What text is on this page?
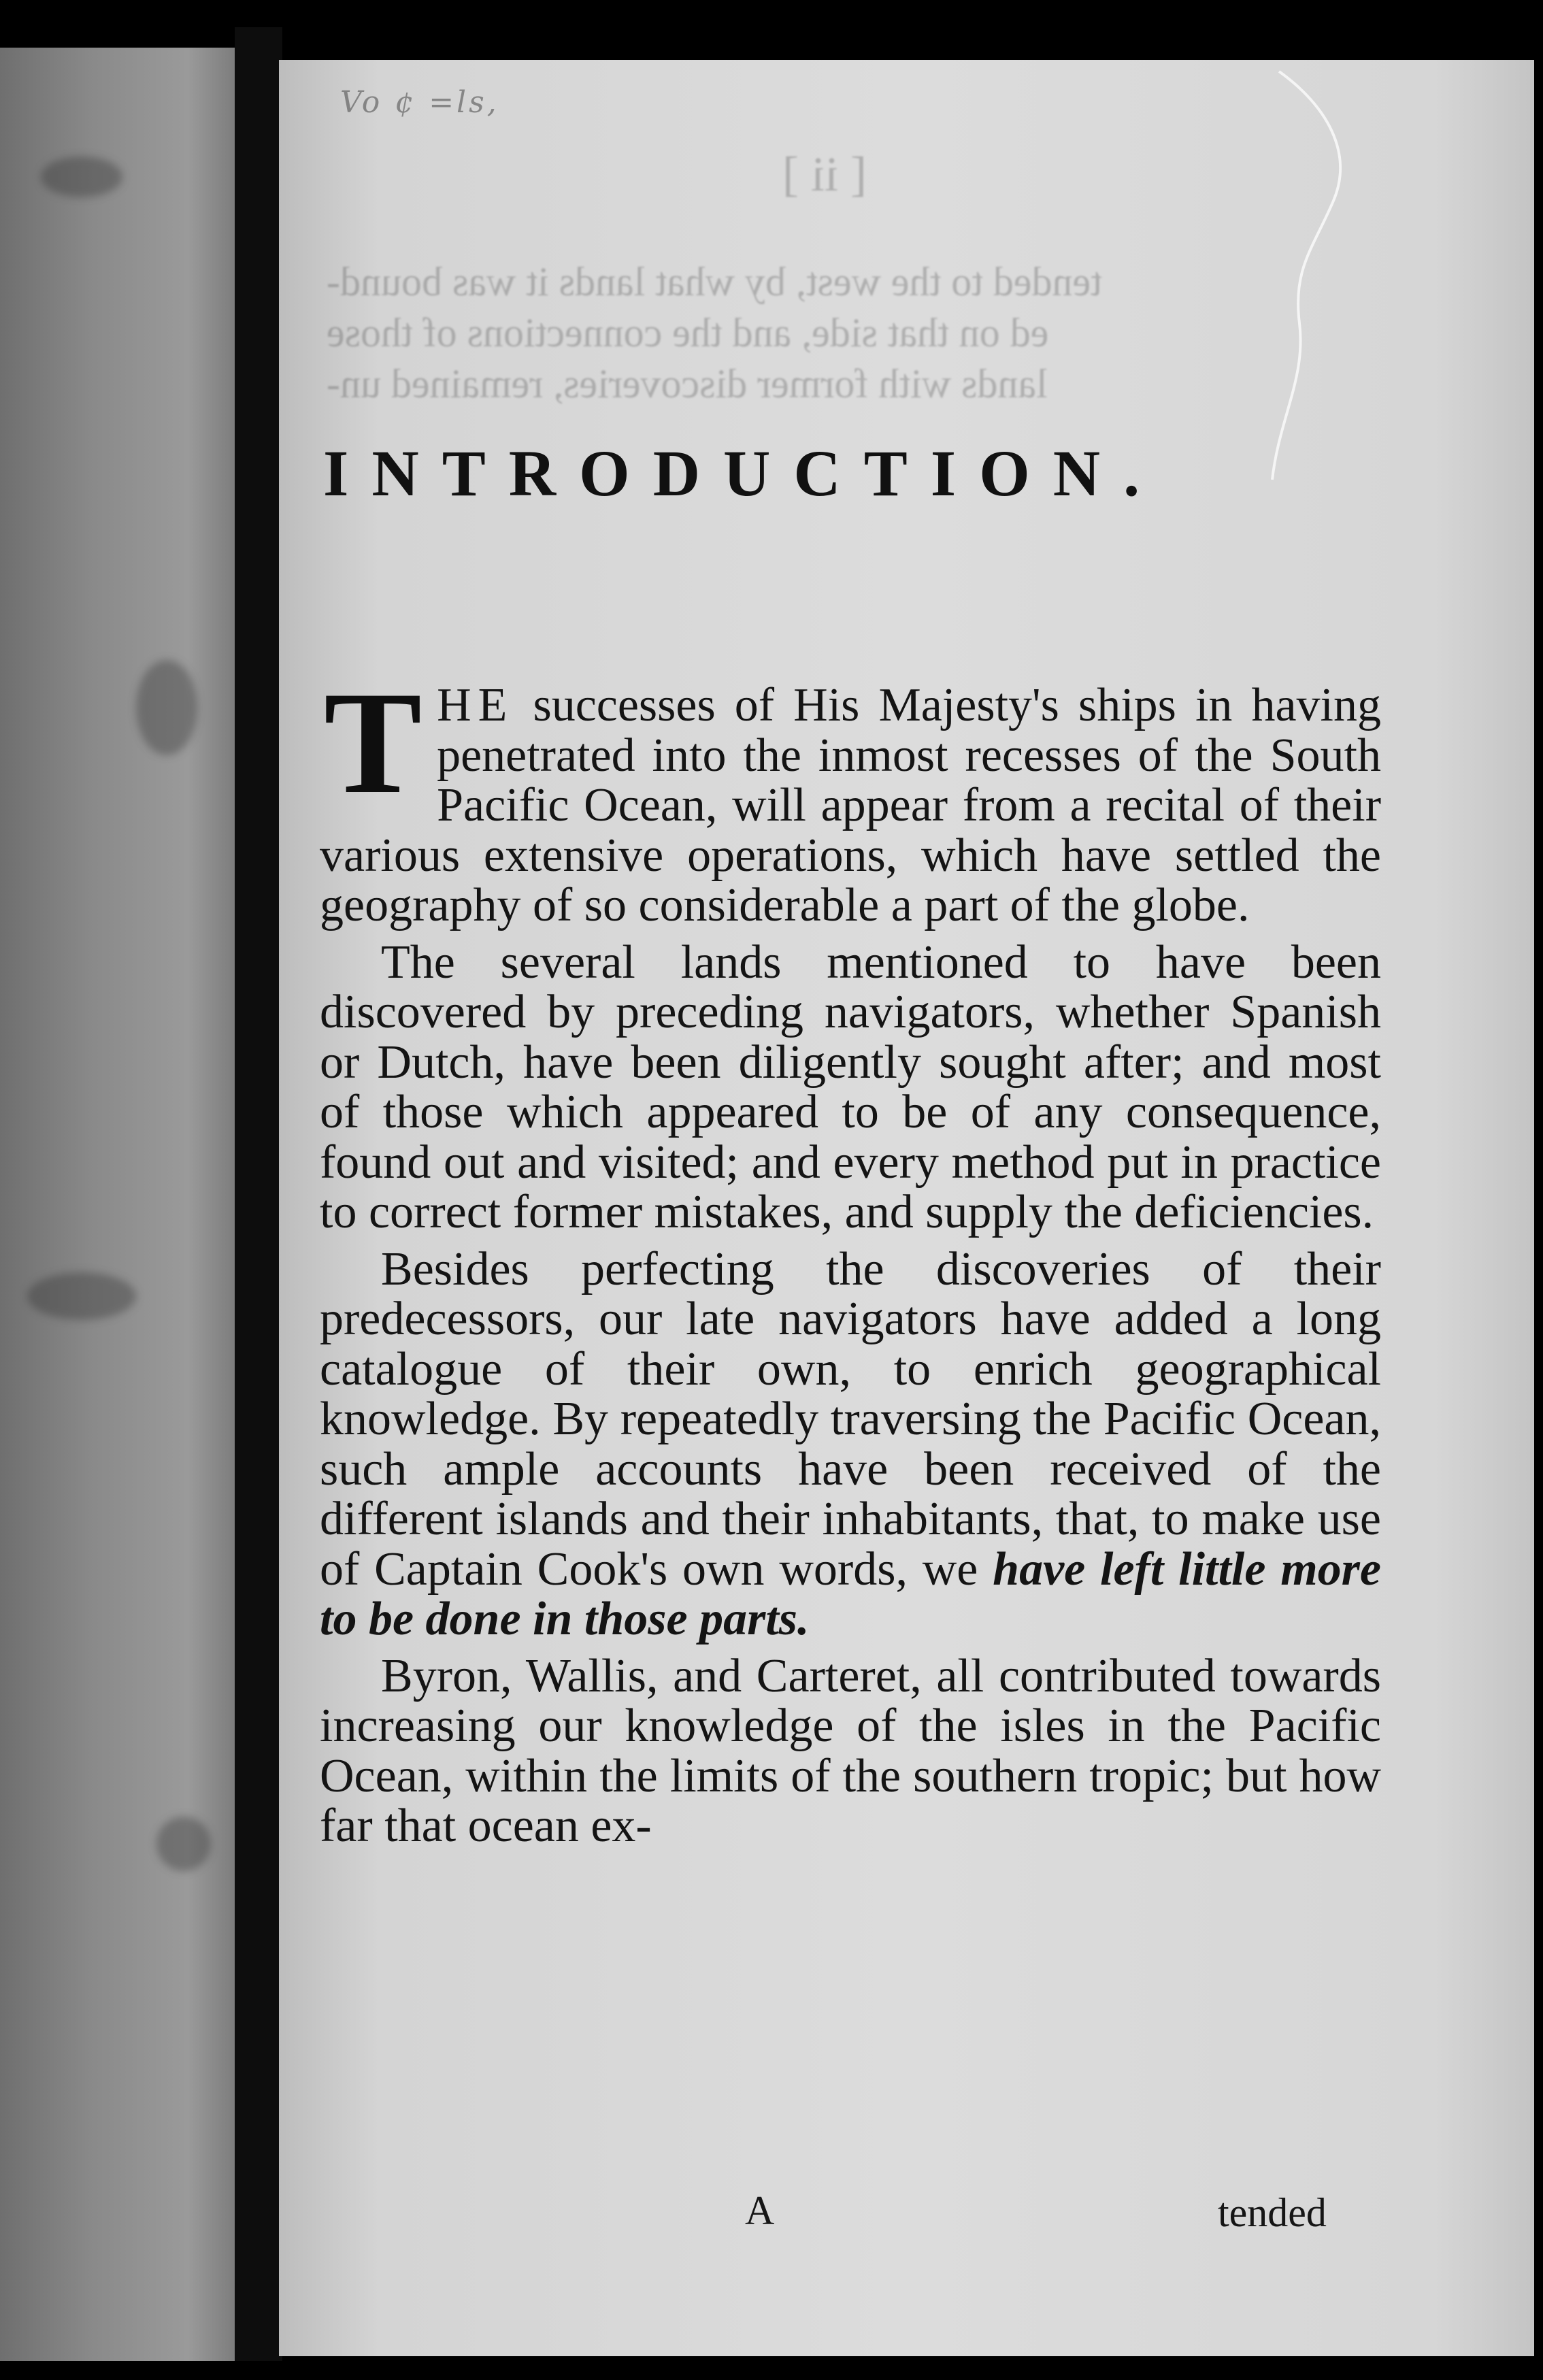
[ ii ]
tended to the west, by what lands it was bound-
ed on that side, and the connections of those
lands with former discoveries, remained un-
Vo ¢ =ls,
INTRODUCTION.

THE successes of His Majesty's ships in having penetrated into the inmost recesses of the South Pacific Ocean, will appear from a recital of their various extensive operations, which have settled the geography of so considerable a part of the globe.

The several lands mentioned to have been discovered by preceding navigators, whether Spanish or Dutch, have been diligently sought after; and most of those which appeared to be of any consequence, found out and visited; and every method put in practice to correct former mistakes, and supply the deficiencies.

Besides perfecting the discoveries of their predecessors, our late navigators have added a long catalogue of their own, to enrich geographical knowledge. By repeatedly traversing the Pacific Ocean, such ample accounts have been received of the different islands and their inhabitants, that, to make use of Captain Cook's own words, we have left little more to be done in those parts.

Byron, Wallis, and Carteret, all contributed towards increasing our knowledge of the isles in the Pacific Ocean, within the limits of the southern tropic; but how far that ocean ex-

A	tended
